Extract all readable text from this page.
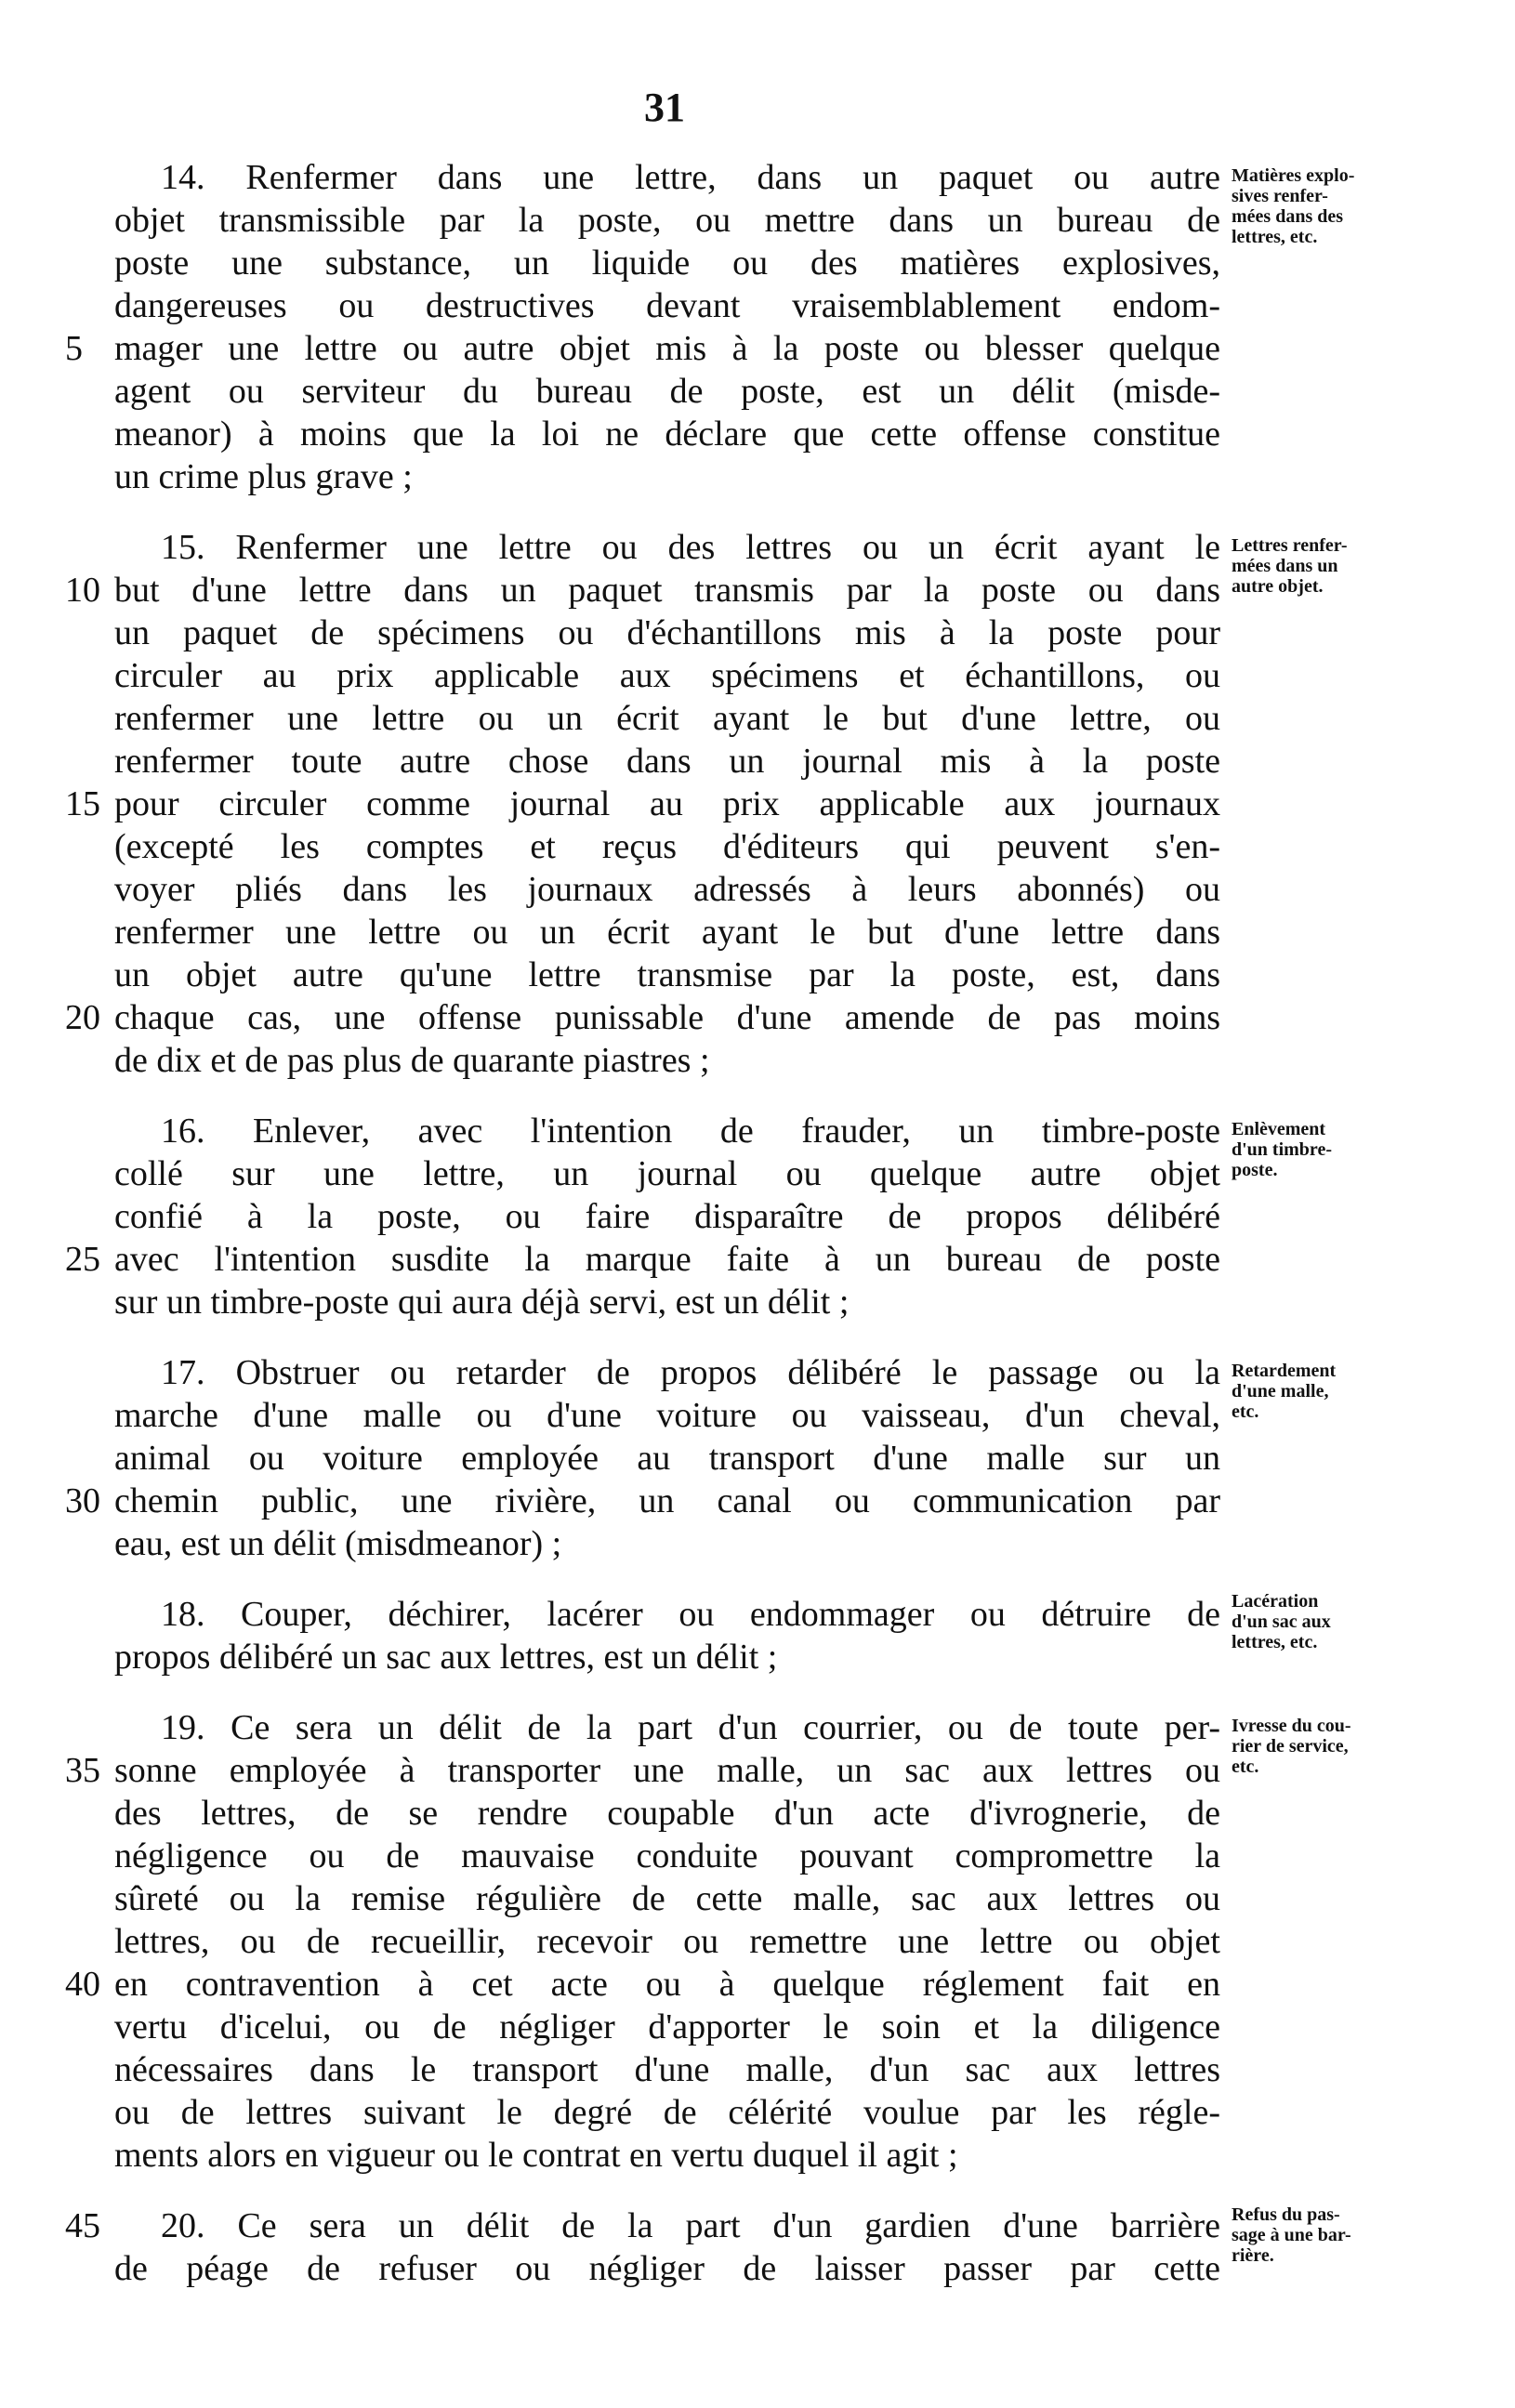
31
14. Renfermer dans une lettre, dans un paquet ou autre
objet transmissible par la poste, ou mettre dans un bureau de
poste une substance, un liquide ou des matières explosives,
dangereuses ou destructives devant vraisemblablement endom-
mager une lettre ou autre objet mis à la poste ou blesser quelque
agent ou serviteur du bureau de poste, est un délit (misde-
meanor) à moins que la loi ne déclare que cette offense constitue
un crime plus grave ;
15. Renfermer une lettre ou des lettres ou un écrit ayant le
but d'une lettre dans un paquet transmis par la poste ou dans
un paquet de spécimens ou d'échantillons mis à la poste pour
circuler au prix applicable aux spécimens et échantillons, ou
renfermer une lettre ou un écrit ayant le but d'une lettre, ou
renfermer toute autre chose dans un journal mis à la poste
pour circuler comme journal au prix applicable aux journaux
(excepté les comptes et reçus d'éditeurs qui peuvent s'en-
voyer pliés dans les journaux adressés à leurs abonnés) ou
renfermer une lettre ou un écrit ayant le but d'une lettre dans
un objet autre qu'une lettre transmise par la poste, est, dans
chaque cas, une offense punissable d'une amende de pas moins
de dix et de pas plus de quarante piastres ;
16. Enlever, avec l'intention de frauder, un timbre-poste
collé sur une lettre, un journal ou quelque autre objet
confié à la poste, ou faire disparaître de propos délibéré
avec l'intention susdite la marque faite à un bureau de poste
sur un timbre-poste qui aura déjà servi, est un délit ;
17. Obstruer ou retarder de propos délibéré le passage ou la
marche d'une malle ou d'une voiture ou vaisseau, d'un cheval,
animal ou voiture employée au transport d'une malle sur un
chemin public, une rivière, un canal ou communication par
eau, est un délit (misdmeanor) ;
18. Couper, déchirer, lacérer ou endommager ou détruire de
propos délibéré un sac aux lettres, est un délit ;
19. Ce sera un délit de la part d'un courrier, ou de toute per-
sonne employée à transporter une malle, un sac aux lettres ou
des lettres, de se rendre coupable d'un acte d'ivrognerie, de
négligence ou de mauvaise conduite pouvant compromettre la
sûreté ou la remise régulière de cette malle, sac aux lettres ou
lettres, ou de recueillir, recevoir ou remettre une lettre ou objet
en contravention à cet acte ou à quelque réglement fait en
vertu d'icelui, ou de négliger d'apporter le soin et la diligence
nécessaires dans le transport d'une malle, d'un sac aux lettres
ou de lettres suivant le degré de célérité voulue par les régle-
ments alors en vigueur ou le contrat en vertu duquel il agit ;
20. Ce sera un délit de la part d'un gardien d'une barrière
de péage de refuser ou négliger de laisser passer par cette
5
10
15
20
25
30
35
40
45
Matières explo-
sives renfer-
mées dans des
lettres, etc.
Lettres renfer-
mées dans un
autre objet.
Enlèvement
d'un timbre-
poste.
Retardement
d'une malle,
etc.
Lacération
d'un sac aux
lettres, etc.
Ivresse du cou-
rier de service,
etc.
Refus du pas-
sage à une bar-
rière.
